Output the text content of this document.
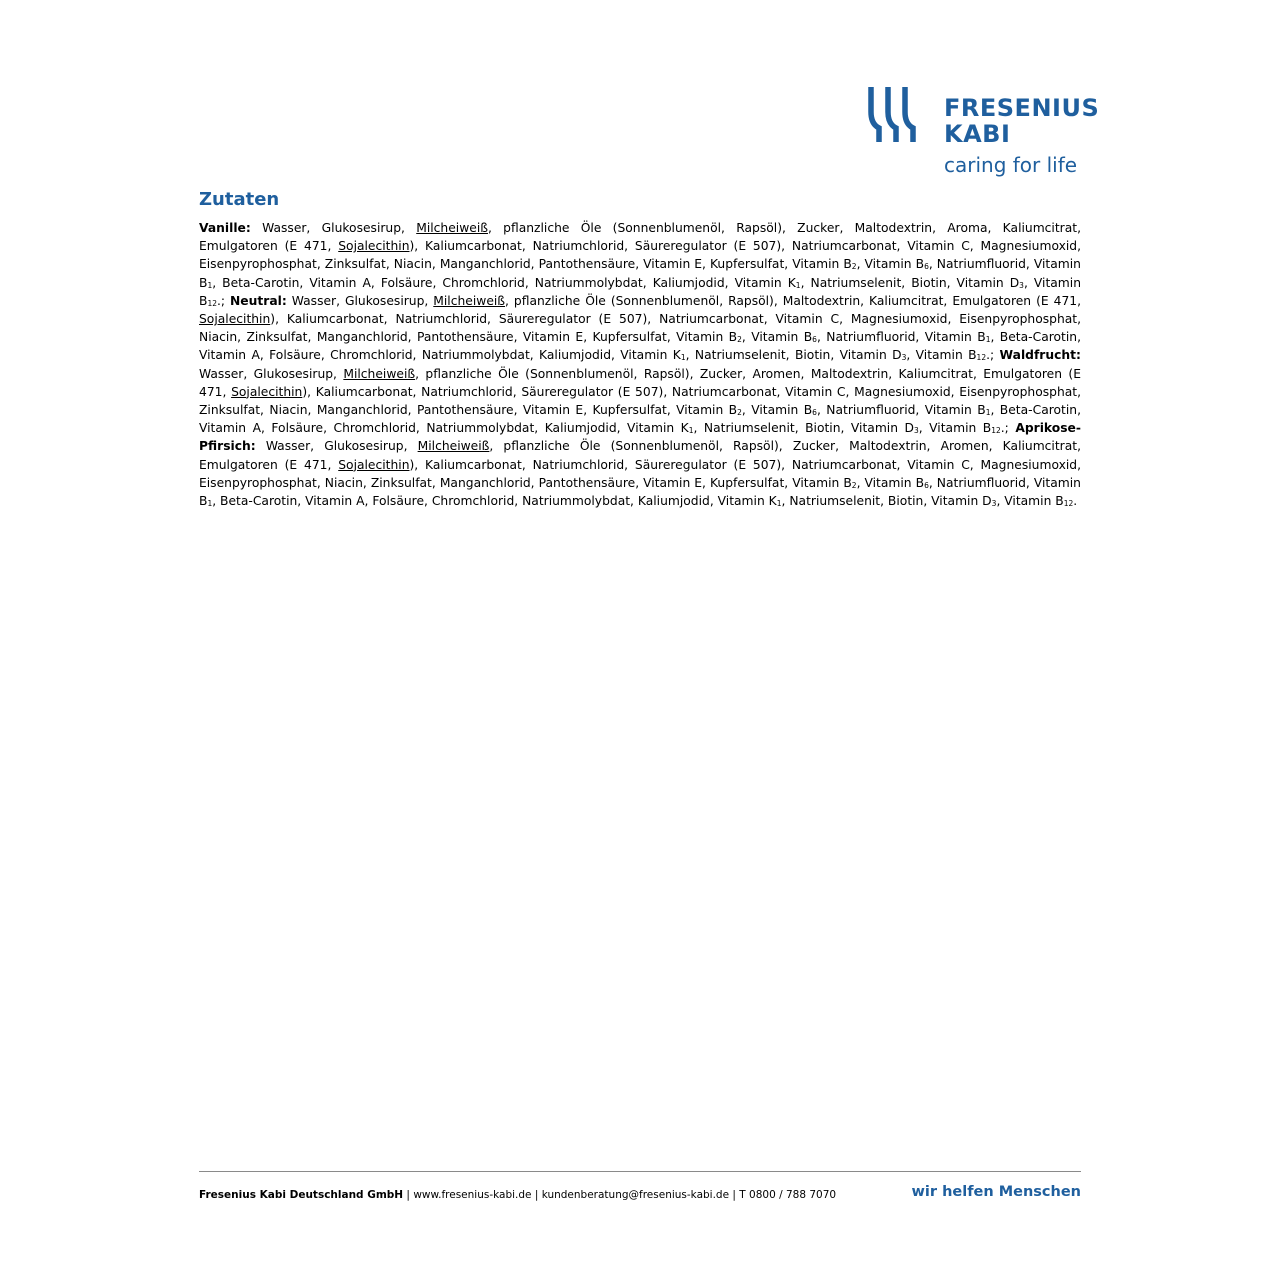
FRESENIUS
KABI
caring for life
Zutaten

Vanille: Wasser, Glukosesirup, Milcheiweiß, pflanzliche Öle (Sonnenblumenöl, Rapsöl), Zucker, Maltodextrin, Aroma, Kaliumcitrat, Emulgatoren (E 471, Sojalecithin), Kaliumcarbonat, Natriumchlorid, Säureregulator (E 507), Natriumcarbonat, Vitamin C, Magnesiumoxid, Eisenpyrophosphat, Zinksulfat, Niacin, Manganchlorid, Pantothensäure, Vitamin E, Kupfersulfat, Vitamin $B_2$, Vitamin $B_6$, Natriumfluorid, Vitamin $B_1$, Beta-Carotin, Vitamin A, Folsäure, Chromchlorid, Natriummolybdat, Kaliumjodid, Vitamin $K_1$, Natriumselenit, Biotin, Vitamin $D_3$, Vitamin $B_{12}$.; Neutral: Wasser, Glukosesirup, Milcheiweiß, pflanzliche Öle (Sonnenblumenöl, Rapsöl), Maltodextrin, Kaliumcitrat, Emulgatoren (E 471, Sojalecithin), Kaliumcarbonat, Natriumchlorid, Säureregulator (E 507), Natriumcarbonat, Vitamin C, Magnesiumoxid, Eisenpyrophosphat, Niacin, Zinksulfat, Manganchlorid, Pantothensäure, Vitamin E, Kupfersulfat, Vitamin $B_2$, Vitamin $B_6$, Natriumfluorid, Vitamin $B_1$, Beta-Carotin, Vitamin A, Folsäure, Chromchlorid, Natriummolybdat, Kaliumjodid, Vitamin $K_1$, Natriumselenit, Biotin, Vitamin $D_3$, Vitamin $B_{12}$.; Waldfrucht: Wasser, Glukosesirup, Milcheiweiß, pflanzliche Öle (Sonnenblumenöl, Rapsöl), Zucker, Aromen, Maltodextrin, Kaliumcitrat, Emulgatoren (E 471, Sojalecithin), Kaliumcarbonat, Natriumchlorid, Säureregulator (E 507), Natriumcarbonat, Vitamin C, Magnesiumoxid, Eisenpyrophosphat, Zinksulfat, Niacin, Manganchlorid, Pantothensäure, Vitamin E, Kupfersulfat, Vitamin $B_2$, Vitamin $B_6$, Natriumfluorid, Vitamin $B_1$, Beta-Carotin, Vitamin A, Folsäure, Chromchlorid, Natriummolybdat, Kaliumjodid, Vitamin $K_1$, Natriumselenit, Biotin, Vitamin $D_3$, Vitamin $B_{12}$.; Aprikose-Pfirsich: Wasser, Glukosesirup, Milcheiweiß, pflanzliche Öle (Sonnenblumenöl, Rapsöl), Zucker, Maltodextrin, Aromen, Kaliumcitrat, Emulgatoren (E 471, Sojalecithin), Kaliumcarbonat, Natriumchlorid, Säureregulator (E 507), Natriumcarbonat, Vitamin C, Magnesiumoxid, Eisenpyrophosphat, Niacin, Zinksulfat, Manganchlorid, Pantothensäure, Vitamin E, Kupfersulfat, Vitamin $B_2$, Vitamin $B_6$, Natriumfluorid, Vitamin $B_1$, Beta-Carotin, Vitamin A, Folsäure, Chromchlorid, Natriummolybdat, Kaliumjodid, Vitamin $K_1$, Natriumselenit, Biotin, Vitamin $D_3$, Vitamin $B_{12}$.

Fresenius Kabi Deutschland GmbH | www.fresenius-kabi.de | kundenberatung@fresenius-kabi.de | T 0800 / 788 7070	wir helfen Menschen
